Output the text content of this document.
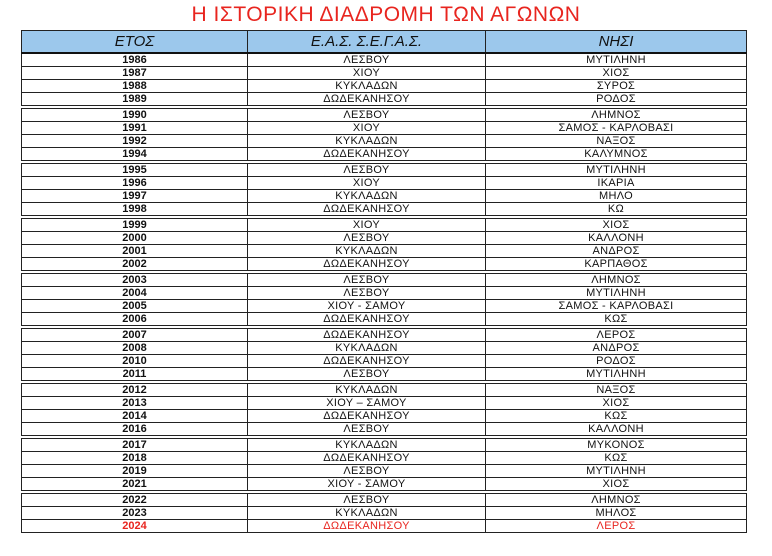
Η ΙΣΤΟΡΙΚΗ ΔΙΑΔΡΟΜΗ ΤΩΝ ΑΓΩΝΩΝ
ΕΤΟΣ	Ε.Α.Σ. Σ.Ε.Γ.Α.Σ.	ΝΗΣΙ
1986	ΛΕΣΒΟΥ	ΜΥΤΙΛΗΝΗ
1987	ΧΙΟΥ	ΧΙΟΣ
1988	ΚΥΚΛΑΔΩΝ	ΣΥΡΟΣ
1989	ΔΩΔΕΚΑΝΗΣΟΥ	ΡΟΔΟΣ
1990	ΛΕΣΒΟΥ	ΛΗΜΝΟΣ
1991	ΧΙΟΥ	ΣΑΜΟΣ - ΚΑΡΛΟΒΑΣΙ
1992	ΚΥΚΛΑΔΩΝ	ΝΑΞΟΣ
1994	ΔΩΔΕΚΑΝΗΣΟΥ	ΚΑΛΥΜΝΟΣ
1995	ΛΕΣΒΟΥ	ΜΥΤΙΛΗΝΗ
1996	ΧΙΟΥ	ΙΚΑΡΙΑ
1997	ΚΥΚΛΑΔΩΝ	ΜΗΛΟ
1998	ΔΩΔΕΚΑΝΗΣΟΥ	ΚΩ
1999	ΧΙΟΥ	ΧΙΟΣ
2000	ΛΕΣΒΟΥ	ΚΑΛΛΟΝΗ
2001	ΚΥΚΛΑΔΩΝ	ΑΝΔΡΟΣ
2002	ΔΩΔΕΚΑΝΗΣΟΥ	ΚΑΡΠΑΘΟΣ
2003	ΛΕΣΒΟΥ	ΛΗΜΝΟΣ
2004	ΛΕΣΒΟΥ	ΜΥΤΙΛΗΝΗ
2005	ΧΙΟΥ - ΣΑΜΟΥ	ΣΑΜΟΣ - ΚΑΡΛΟΒΑΣΙ
2006	ΔΩΔΕΚΑΝΗΣΟΥ	ΚΩΣ
2007	ΔΩΔΕΚΑΝΗΣΟΥ	ΛΕΡΟΣ
2008	ΚΥΚΛΑΔΩΝ	ΑΝΔΡΟΣ
2010	ΔΩΔΕΚΑΝΗΣΟΥ	ΡΟΔΟΣ
2011	ΛΕΣΒΟΥ	ΜΥΤΙΛΗΝΗ
2012	ΚΥΚΛΑΔΩΝ	ΝΑΞΟΣ
2013	ΧΙΟΥ – ΣΑΜΟΥ	ΧΙΟΣ
2014	ΔΩΔΕΚΑΝΗΣΟΥ	ΚΩΣ
2016	ΛΕΣΒΟΥ	ΚΑΛΛΟΝΗ
2017	ΚΥΚΛΑΔΩΝ	ΜΥΚΟΝΟΣ
2018	ΔΩΔΕΚΑΝΗΣΟΥ	ΚΩΣ
2019	ΛΕΣΒΟΥ	ΜΥΤΙΛΗΝΗ
2021	ΧΙΟΥ - ΣΑΜΟΥ	ΧΙΟΣ
2022	ΛΕΣΒΟΥ	ΛΗΜΝΟΣ
2023	ΚΥΚΛΑΔΩΝ	ΜΗΛΟΣ
2024	ΔΩΔΕΚΑΝΗΣΟΥ	ΛΕΡΟΣ
